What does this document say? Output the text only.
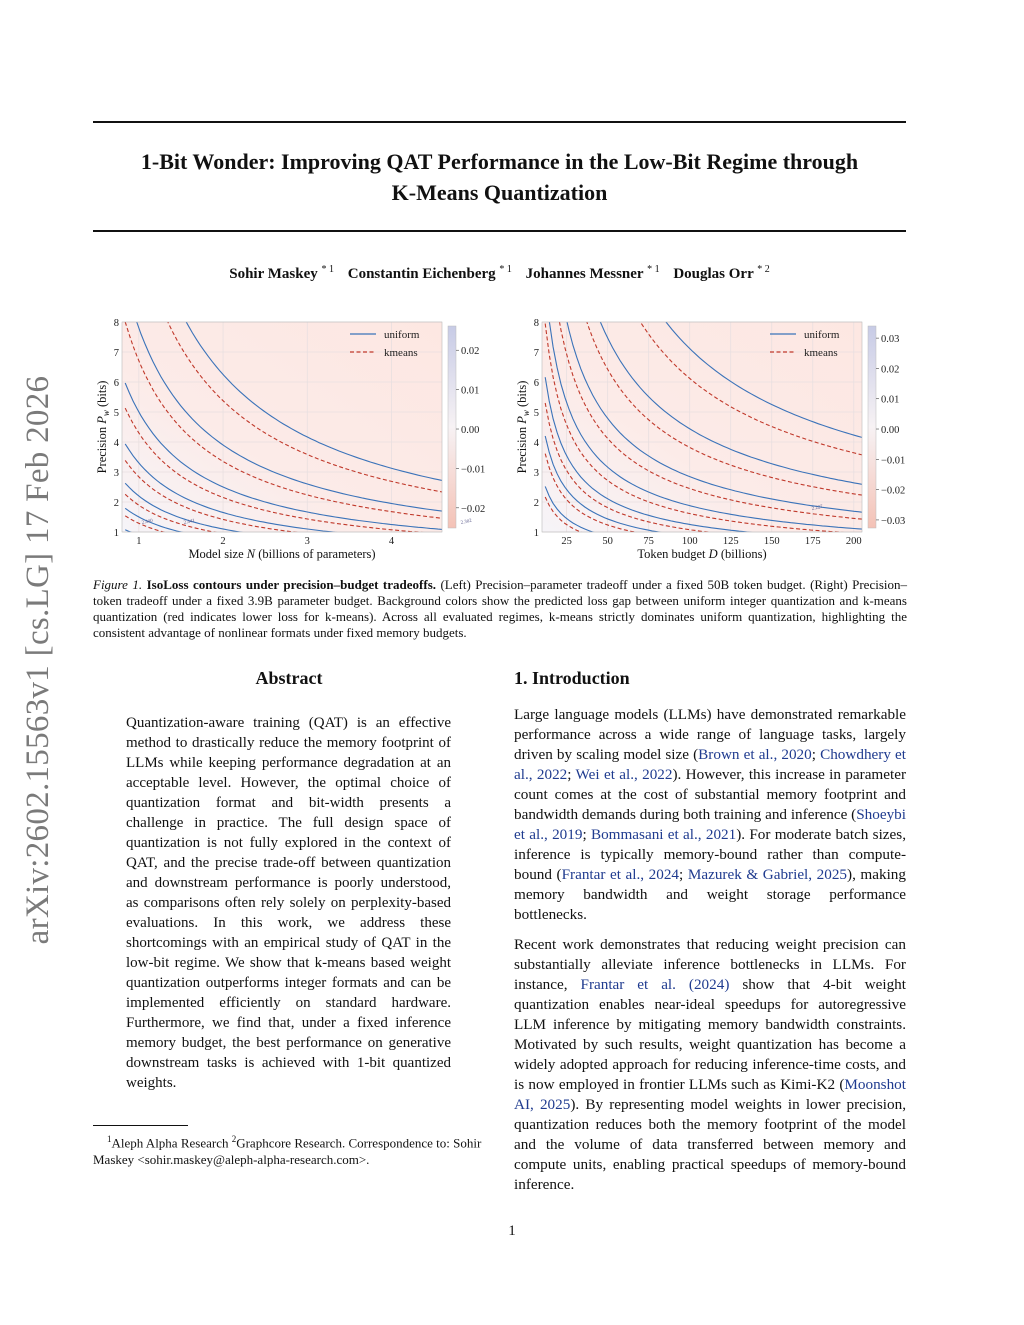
arXiv:2602.15563v1 [cs.LG] 17 Feb 2026
1-Bit Wonder: Improving QAT Performance in the Low-Bit Regime through
K-Means Quantization
Sohir Maskey $^{* 1}$ Constantin Eichenberg $^{* 1}$ Johannes Messner $^{* 1}$ Douglas Orr $^{* 2}$
2.400	2.441	2.302
1	2	3	4
1
2
3
4
5
6
7
8
Model size N (billions of parameters)
Precision $P_w$ (bits)
uniform
kmeans	0.02
0.01
0.00
−0.01
−0.02	2.227
25	50	75	100 125 150 175 200
1
2
3
4
5
6
7
8
Token budget D (billions)
Precision $P_w$ (bits)
uniform
kmeans
0.03
0.02
0.01
0.00
−0.01
−0.02
−0.03
Figure 1. IsoLoss contours under precision–budget tradeoffs. (Left) Precision–parameter tradeoff under a fixed 50B token budget. (Right) Precision–token tradeoff under a fixed 3.9B parameter budget. Background colors show the predicted loss gap between uniform integer quantization and k-means quantization (red indicates lower loss for k-means). Across all evaluated regimes, k-means strictly dominates uniform quantization, highlighting the consistent advantage of nonlinear formats under fixed memory budgets.
Abstract

Quantization-aware training (QAT) is an effective method to drastically reduce the memory footprint of LLMs while keeping performance degradation at an acceptable level. However, the optimal choice of quantization format and bit-width presents a challenge in practice. The full design space of quantization is not fully explored in the context of QAT, and the precise trade-off between quantization and downstream performance is poorly understood, as comparisons often rely solely on perplexity-based evaluations. In this work, we address these shortcomings with an empirical study of QAT in the low-bit regime. We show that k-means based weight quantization outperforms integer formats and can be implemented efficiently on standard hardware. Furthermore, we find that, under a fixed inference memory budget, the best performance on generative downstream tasks is achieved with 1-bit quantized weights.

1. Introduction

Large language models (LLMs) have demonstrated remarkable performance across a wide range of language tasks, largely driven by scaling model size (Brown et al., 2020; Chowdhery et al., 2022; Wei et al., 2022). However, this increase in parameter count comes at the cost of substantial memory footprint and bandwidth demands during both training and inference (Shoeybi et al., 2019; Bommasani et al., 2021). For moderate batch sizes, inference is typically memory-bound rather than compute-bound (Frantar et al., 2024; Mazurek & Gabriel, 2025), making memory bandwidth and weight storage performance bottlenecks.

Recent work demonstrates that reducing weight precision can substantially alleviate inference bottlenecks in LLMs. For instance, Frantar et al. (2024) show that 4-bit weight quantization enables near-ideal speedups for autoregressive LLM inference by mitigating memory bandwidth constraints. Motivated by such results, weight quantization has become a widely adopted approach for reducing inference-time costs, and is now employed in frontier LLMs such as Kimi-K2 (Moonshot AI, 2025). By representing model weights in lower precision, quantization reduces both the memory footprint of the model and the volume of data transferred between memory and compute units, enabling practical speedups of memory-bound inference.

$^1$Aleph Alpha Research $^2$Graphcore Research. Correspondence to: Sohir Maskey <sohir.maskey@aleph-alpha-research.com>.
1
